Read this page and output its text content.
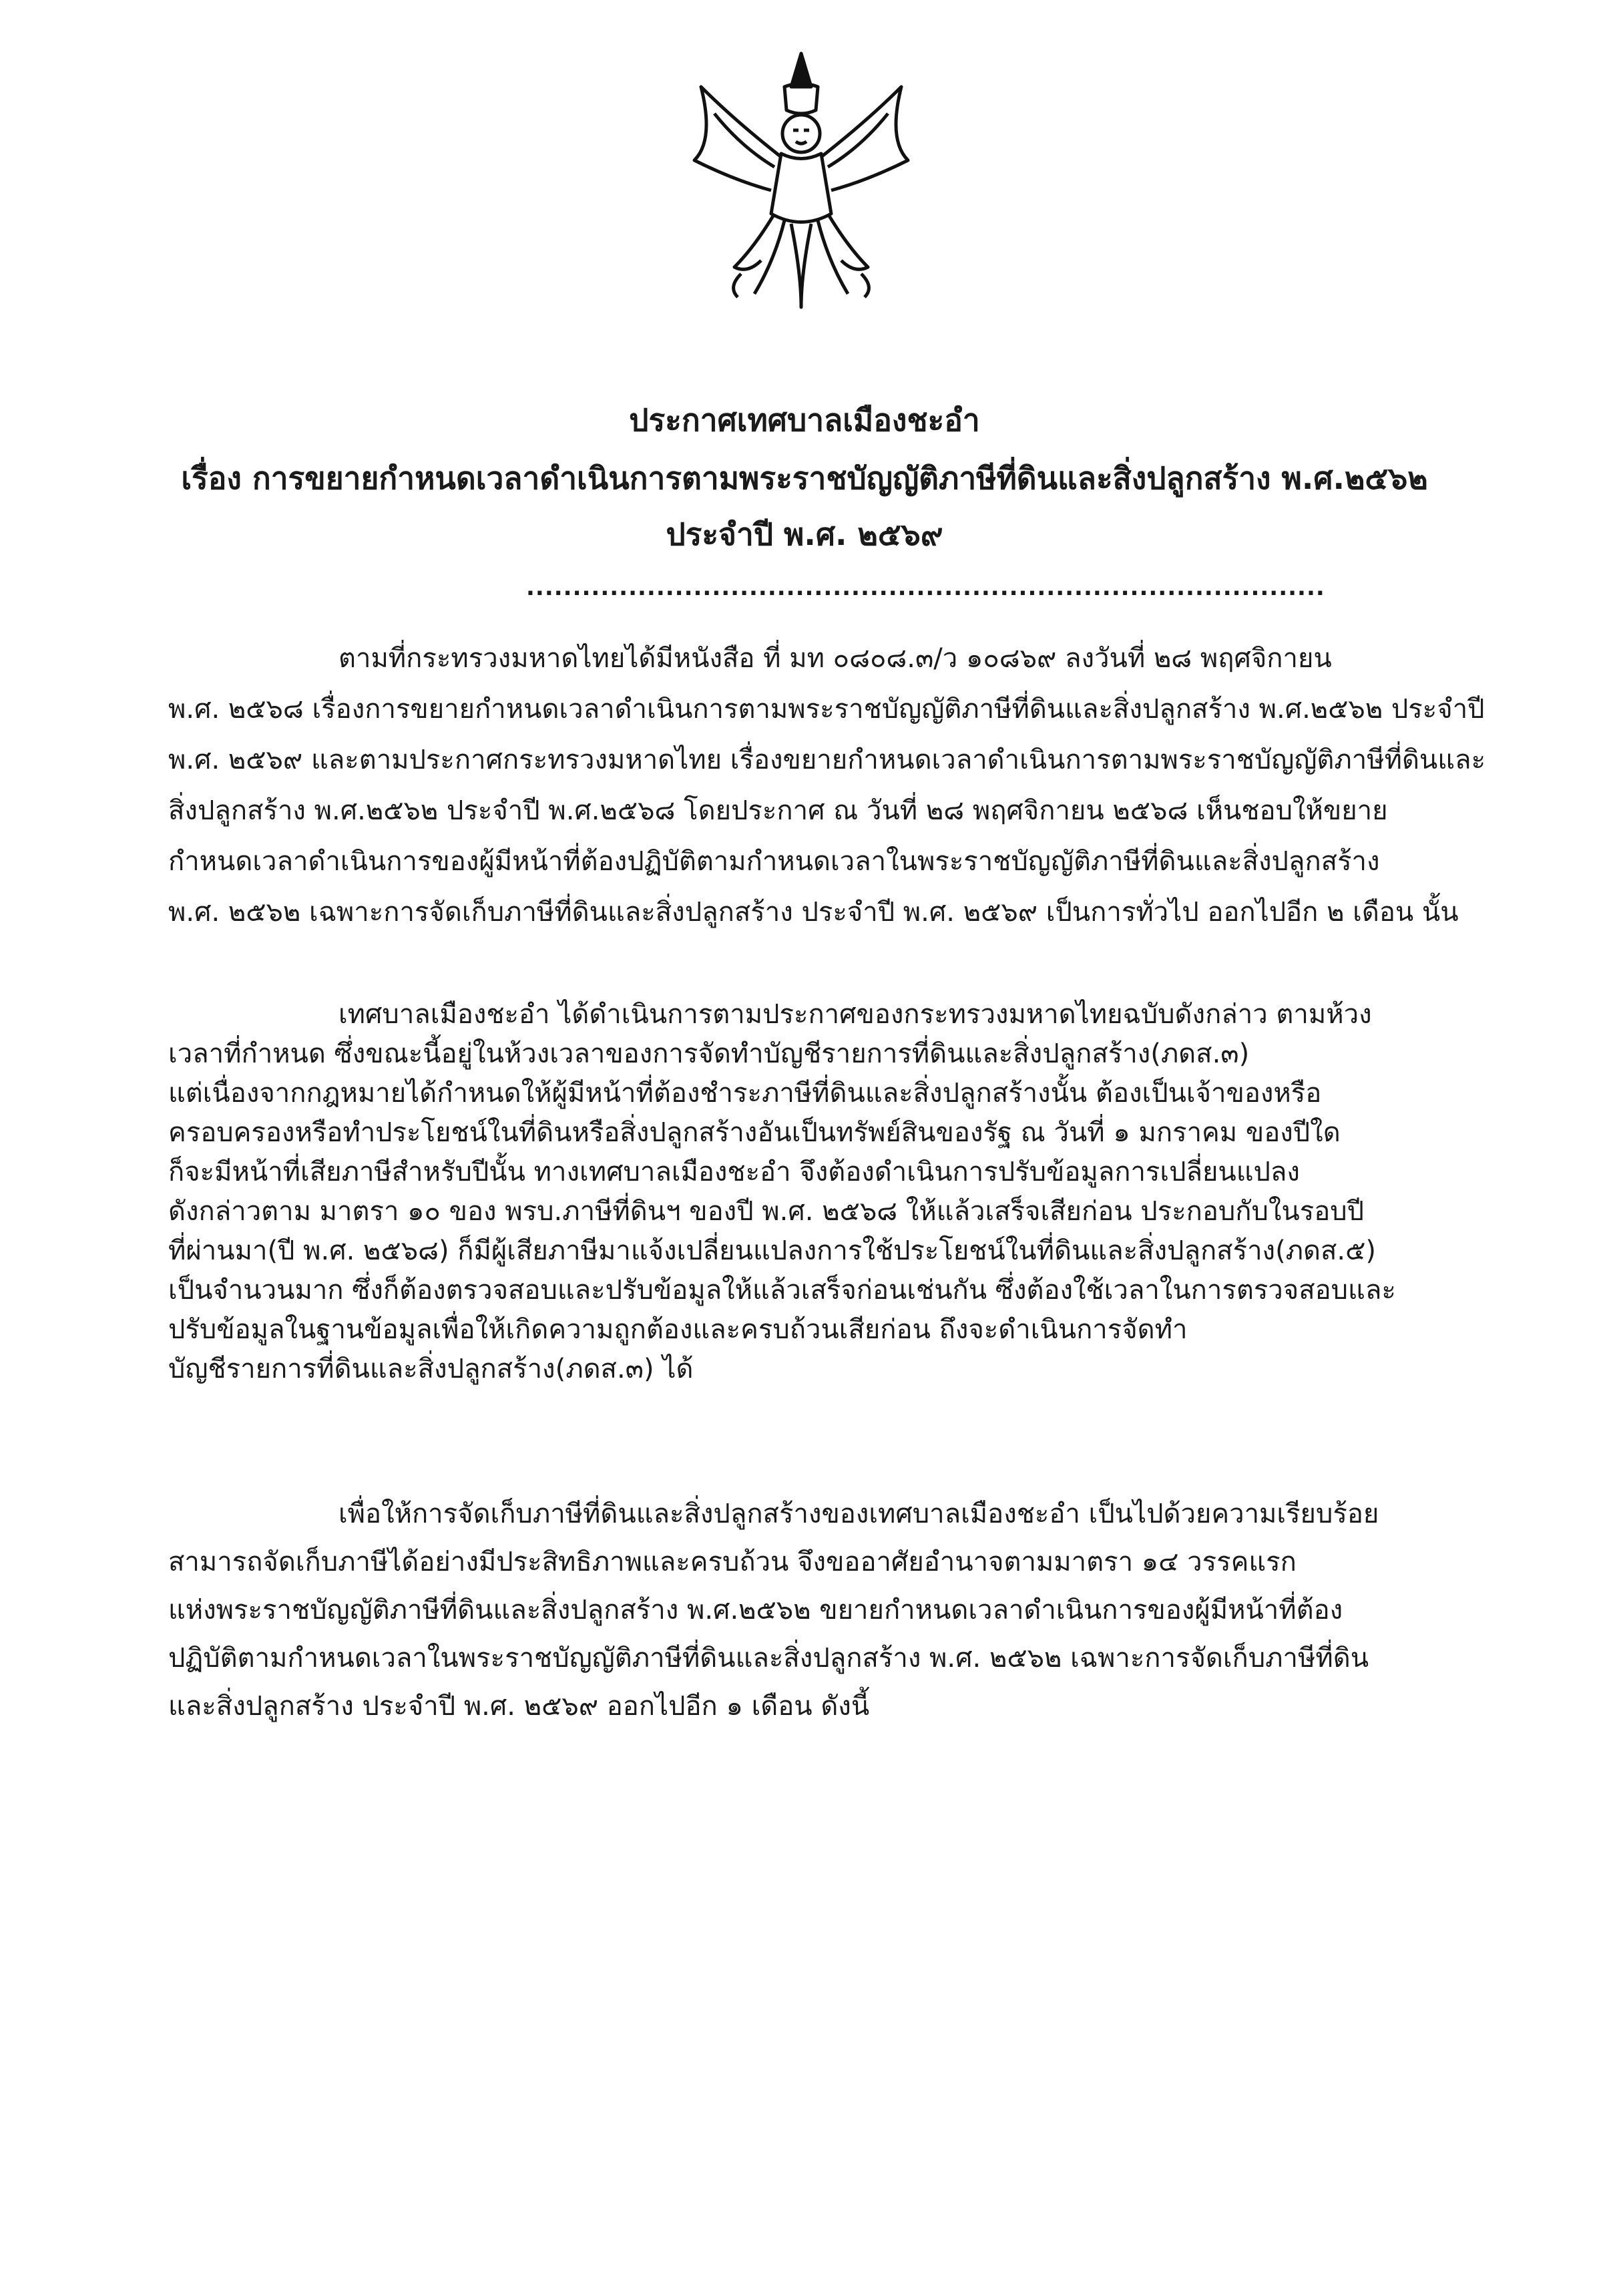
ประกาศเทศบาลเมืองชะอำ
เรื่อง การขยายกำหนดเวลาดำเนินการตามพระราชบัญญัติภาษีที่ดินและสิ่งปลูกสร้าง พ.ศ.๒๕๖๒
ประจำปี พ.ศ. ๒๕๖๙
......................................................................................
ตามที่กระทรวงมหาดไทยได้มีหนังสือ ที่ มท ๐๘๐๘.๓/ว ๑๐๘๖๙ ลงวันที่ ๒๘ พฤศจิกายน
พ.ศ. ๒๕๖๘ เรื่องการขยายกำหนดเวลาดำเนินการตามพระราชบัญญัติภาษีที่ดินและสิ่งปลูกสร้าง พ.ศ.๒๕๖๒ ประจำปี
พ.ศ. ๒๕๖๙ และตามประกาศกระทรวงมหาดไทย เรื่องขยายกำหนดเวลาดำเนินการตามพระราชบัญญัติภาษีที่ดินและ
สิ่งปลูกสร้าง พ.ศ.๒๕๖๒ ประจำปี พ.ศ.๒๕๖๘ โดยประกาศ ณ วันที่ ๒๘ พฤศจิกายน ๒๕๖๘ เห็นชอบให้ขยาย
กำหนดเวลาดำเนินการของผู้มีหน้าที่ต้องปฏิบัติตามกำหนดเวลาในพระราชบัญญัติภาษีที่ดินและสิ่งปลูกสร้าง
พ.ศ. ๒๕๖๒ เฉพาะการจัดเก็บภาษีที่ดินและสิ่งปลูกสร้าง ประจำปี พ.ศ. ๒๕๖๙ เป็นการทั่วไป ออกไปอีก ๒ เดือน นั้น
เทศบาลเมืองชะอำ ได้ดำเนินการตามประกาศของกระทรวงมหาดไทยฉบับดังกล่าว ตามห้วง
เวลาที่กำหนด ซึ่งขณะนี้อยู่ในห้วงเวลาของการจัดทำบัญชีรายการที่ดินและสิ่งปลูกสร้าง(ภดส.๓)
แต่เนื่องจากกฎหมายได้กำหนดให้ผู้มีหน้าที่ต้องชำระภาษีที่ดินและสิ่งปลูกสร้างนั้น ต้องเป็นเจ้าของหรือ
ครอบครองหรือทำประโยชน์ในที่ดินหรือสิ่งปลูกสร้างอันเป็นทรัพย์สินของรัฐ ณ วันที่ ๑ มกราคม ของปีใด
ก็จะมีหน้าที่เสียภาษีสำหรับปีนั้น ทางเทศบาลเมืองชะอำ จึงต้องดำเนินการปรับข้อมูลการเปลี่ยนแปลง
ดังกล่าวตาม มาตรา ๑๐ ของ พรบ.ภาษีที่ดินฯ ของปี พ.ศ. ๒๕๖๘ ให้แล้วเสร็จเสียก่อน ประกอบกับในรอบปี
ที่ผ่านมา(ปี พ.ศ. ๒๕๖๘) ก็มีผู้เสียภาษีมาแจ้งเปลี่ยนแปลงการใช้ประโยชน์ในที่ดินและสิ่งปลูกสร้าง(ภดส.๕)
เป็นจำนวนมาก ซึ่งก็ต้องตรวจสอบและปรับข้อมูลให้แล้วเสร็จก่อนเช่นกัน ซึ่งต้องใช้เวลาในการตรวจสอบและ
ปรับข้อมูลในฐานข้อมูลเพื่อให้เกิดความถูกต้องและครบถ้วนเสียก่อน ถึงจะดำเนินการจัดทำ
บัญชีรายการที่ดินและสิ่งปลูกสร้าง(ภดส.๓) ได้
เพื่อให้การจัดเก็บภาษีที่ดินและสิ่งปลูกสร้างของเทศบาลเมืองชะอำ เป็นไปด้วยความเรียบร้อย
สามารถจัดเก็บภาษีได้อย่างมีประสิทธิภาพและครบถ้วน จึงขออาศัยอำนาจตามมาตรา ๑๔ วรรคแรก
แห่งพระราชบัญญัติภาษีที่ดินและสิ่งปลูกสร้าง พ.ศ.๒๕๖๒ ขยายกำหนดเวลาดำเนินการของผู้มีหน้าที่ต้อง
ปฏิบัติตามกำหนดเวลาในพระราชบัญญัติภาษีที่ดินและสิ่งปลูกสร้าง พ.ศ. ๒๕๖๒ เฉพาะการจัดเก็บภาษีที่ดิน
และสิ่งปลูกสร้าง ประจำปี พ.ศ. ๒๕๖๙ ออกไปอีก ๑ เดือน ดังนี้
